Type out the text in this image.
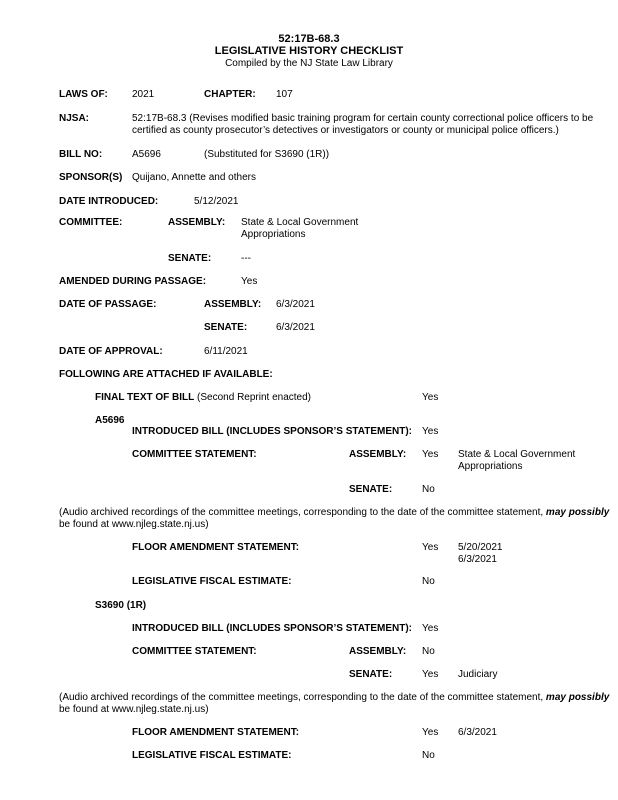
52:17B-68.3
LEGISLATIVE HISTORY CHECKLIST
Compiled by the NJ State Law Library
LAWS OF: 2021	CHAPTER: 107
NJSA:	52:17B-68.3 (Revises modified basic training program for certain county correctional police officers to be
certified as county prosecutor’s detectives or investigators or county or municipal police officers.)
BILL NO:	A5696	(Substituted for S3690 (1R))
SPONSOR(S) Quijano, Annette and others
DATE INTRODUCED:	5/12/2021
COMMITTEE:	ASSEMBLY: State & Local Government
Appropriations
SENATE:	---
AMENDED DURING PASSAGE:	Yes
DATE OF PASSAGE:	ASSEMBLY: 6/3/2021
SENATE:	6/3/2021
DATE OF APPROVAL:	6/11/2021
FOLLOWING ARE ATTACHED IF AVAILABLE:
FINAL TEXT OF BILL (Second Reprint enacted)	Yes
A5696
INTRODUCED BILL (INCLUDES SPONSOR’S STATEMENT): Yes
COMMITTEE STATEMENT:	ASSEMBLY: Yes State & Local Government
Appropriations
SENATE:	No
(Audio archived recordings of the committee meetings, corresponding to the date of the committee statement, may possibly
be found at www.njleg.state.nj.us)
FLOOR AMENDMENT STATEMENT:	Yes 5/20/2021
6/3/2021
LEGISLATIVE FISCAL ESTIMATE:	No
S3690 (1R)
INTRODUCED BILL (INCLUDES SPONSOR’S STATEMENT): Yes
COMMITTEE STATEMENT:	ASSEMBLY: No
SENATE:	Yes Judiciary
(Audio archived recordings of the committee meetings, corresponding to the date of the committee statement, may possibly
be found at www.njleg.state.nj.us)
FLOOR AMENDMENT STATEMENT:	Yes 6/3/2021
LEGISLATIVE FISCAL ESTIMATE:	No
